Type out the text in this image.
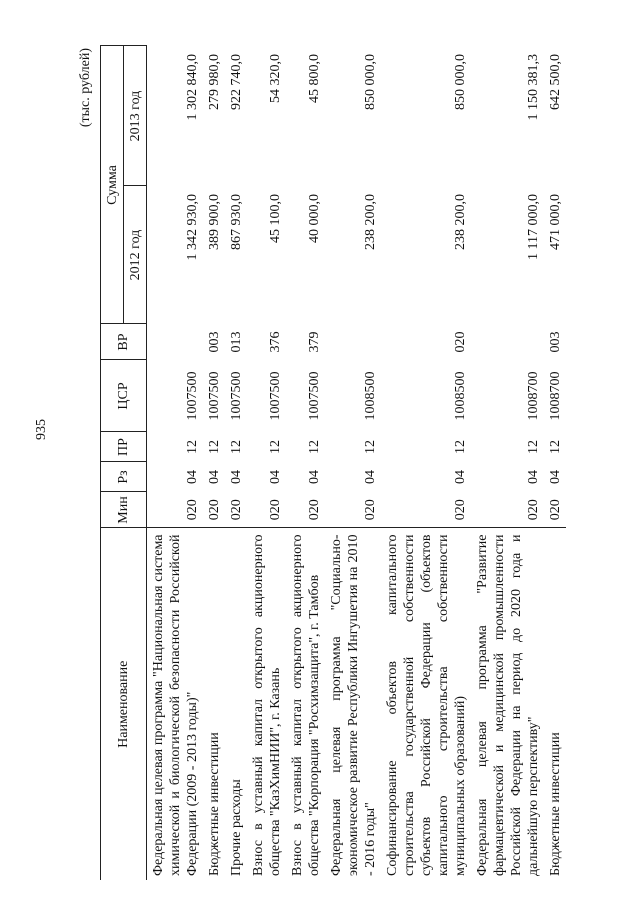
935
(тыс. рублей)
Наименование	Мин	Рз	ПР	ЦСР	ВР	Сумма	
						2012 год	2013 год
Федеральная целевая программа "Национальная система химической и биологической безопасности Российской Федерации (2009 - 2013 годы)"	020	04	12	1007500		1 342 930,0	1 302 840,0
Бюджетные инвестиции	020	04	12	1007500	003	389 900,0	279 980,0
Прочие расходы	020	04	12	1007500	013	867 930,0	922 740,0
Взнос в уставный капитал открытого акционерного общества "КазХимНИИ", г. Казань	020	04	12	1007500	376	45 100,0	54 320,0
Взнос в уставный капитал открытого акционерного общества "Корпорация "Росхимзащита", г. Тамбов	020	04	12	1007500	379	40 000,0	45 800,0
Федеральная целевая программа "Социально-экономическое развитие Республики Ингушетия на 2010 - 2016 годы"	020	04	12	1008500		238 200,0	850 000,0
Софинансирование объектов капитального строительства государственной собственности субъектов Российской Федерации (объектов капитального строительства собственности муниципальных образований)	020	04	12	1008500	020	238 200,0	850 000,0
Федеральная целевая программа "Развитие фармацевтической и медицинской промышленности Российской Федерации на период до 2020 года и дальнейшую перспективу"	020	04	12	1008700		1 117 000,0	1 150 381,3
Бюджетные инвестиции	020	04	12	1008700	003	471 000,0	642 500,0
